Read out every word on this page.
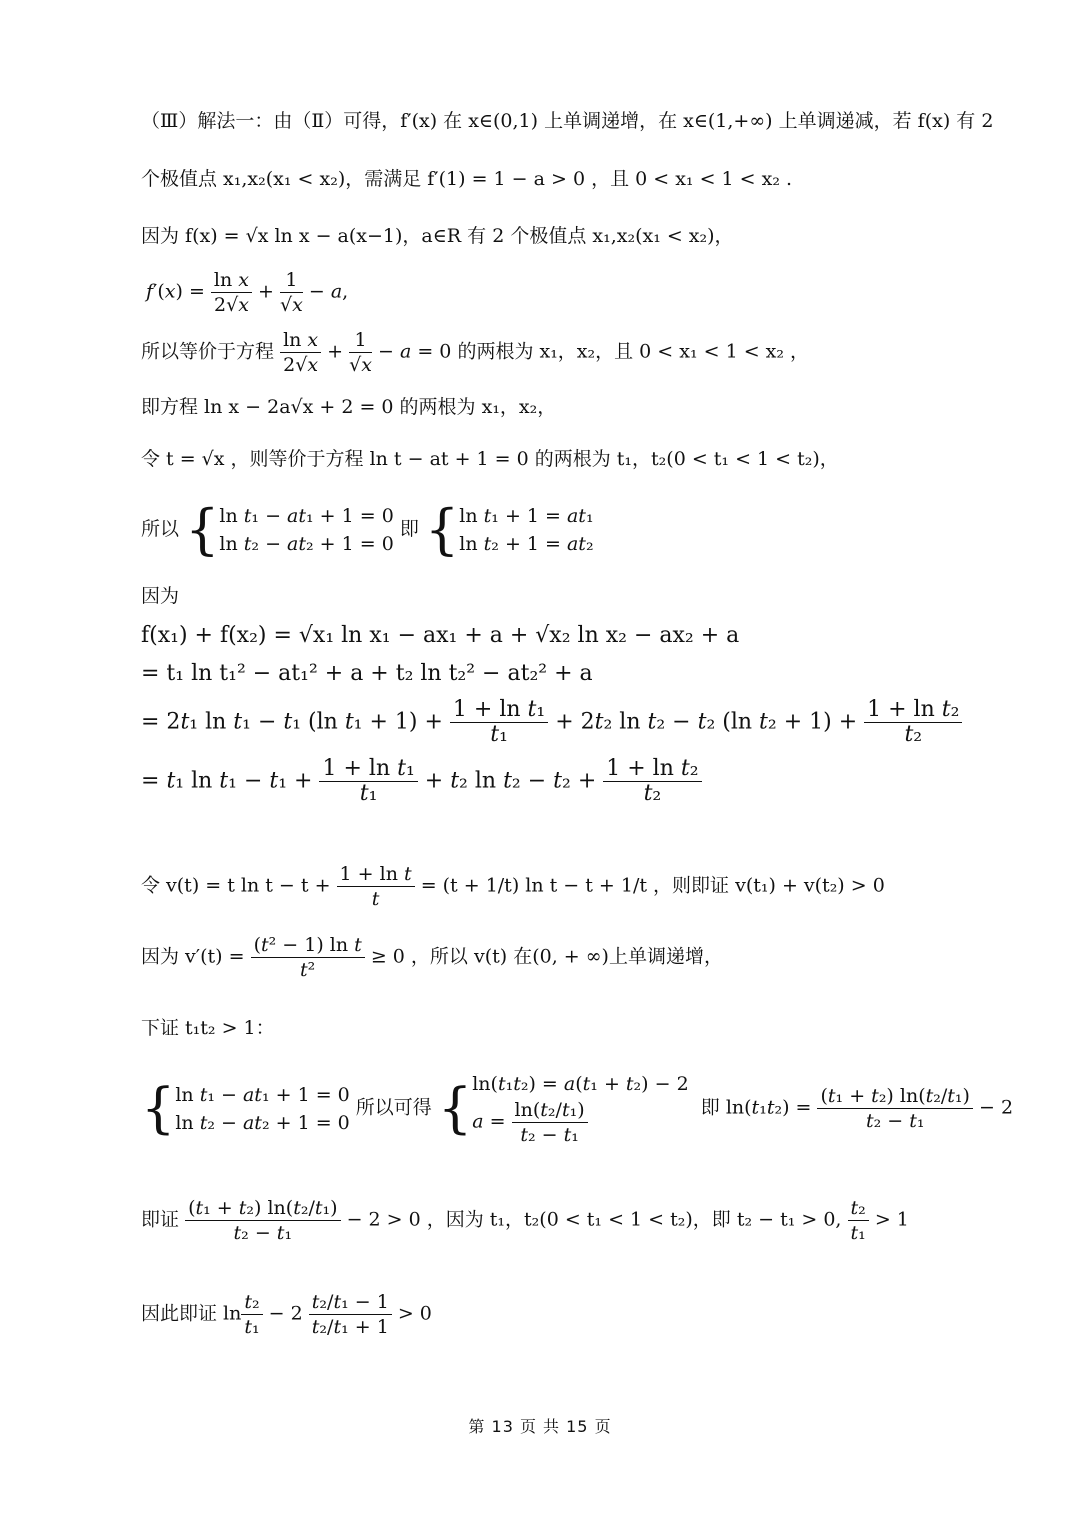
（Ⅲ）解法一：由（Ⅱ）可得，f′(x) 在 x∈(0,1) 上单调递增，在 x∈(1,+∞) 上单调递减，若 f(x) 有 2
个极值点 x₁,x₂(x₁ < x₂)，需满足 f′(1) = 1 − a > 0 ，且 0 < x₁ < 1 < x₂ .
因为 f(x) = √x ln x − a(x−1)，a∈R 有 2 个极值点 x₁,x₂(x₁ < x₂)，
$f'(x) = \frac{\text{ln x}}{2√x} + \frac{1}{√x} - a$,
所以等价于方程 $\frac{\text{ln x}}{2√x} + \frac{1}{√x} - a = 0$ 的两根为 x₁，x₂，且 0 < x₁ < 1 < x₂ ，
即方程 ln x − 2a√x + 2 = 0 的两根为 x₁，x₂，
令 t = √x ，则等价于方程 ln t − at + 1 = 0 的两根为 t₁，t₂(0 < t₁ < 1 < t₂)，
所以 {ln t₁ − at₁ + 1 = 0
ln t₂ − at₂ + 1 = 0 即 {ln t₁ + 1 = at₁
ln t₂ + 1 = at₂
因为
f(x₁) + f(x₂) = √x₁ ln x₁ − ax₁ + a + √x₂ ln x₂ − ax₂ + a
= t₁ ln t₁² − at₁² + a + t₂ ln t₂² − at₂² + a
= 2t₁ ln t₁ − t₁ (ln $t_1 + 1) + \frac{\text{1 + ln t₁}}{\text{t₁}} + 2t_2$ ln t₂ − t₂ (ln $t_2 + 1) + \frac{\text{1 + ln t₂}}{\text{t₂}}$
= t₁ $\ln t_1 - t_1 + \frac{\text{1 + ln t₁}}{\text{t₁}} + t_2$ $\ln t_2 - t_2 + \frac{\text{1 + ln t₂}}{\text{t₂}}$
令 v(t) = t $\ln t - t + \frac{\text{1 + ln t}}{t} = (t + 1/t)$ ln t − t + 1/t ，则即证 v(t₁) + v(t₂) > 0
因为 $v'(t) = \frac{\text{(t² − 1) ln t}}{\text{t²}} \ge 0$ ，所以 v(t) 在(0, + ∞)上单调递增，
下证 t₁t₂ > 1：
{ln t₁ − at₁ + 1 = 0
ln t₂ − at₂ + 1 = 0 所以可得 {ln(t₁t₂) = a(t₁ + t₂) − 2
$a = \frac{\text{ln(t₂/t₁)}}{\text{t₂ − t₁}}$	即 $\ln(t_1t_2) = \frac{\text{(t₁ + t₂) ln(t₂/t₁)}}{\text{t₂ − t₁}} - 2$
即证 $\frac{\text{(t₁ + t₂) ln(t₂/t₁)}}{\text{t₂ − t₁}} - 2 > 0$ ，因为 t₁，t₂(0 < t₁ < 1 < t₂)，即 t₂ − t₁ > 0, $\frac{\text{t₂}}{\text{t₁}} > 1$
因此即证 $\ln \frac{\text{t₂}}{\text{t₁}} - 2 \frac{\text{t₂/t₁ − 1}}{\text{t₂/t₁ + 1}} > 0$
第 13 页 共 15 页
